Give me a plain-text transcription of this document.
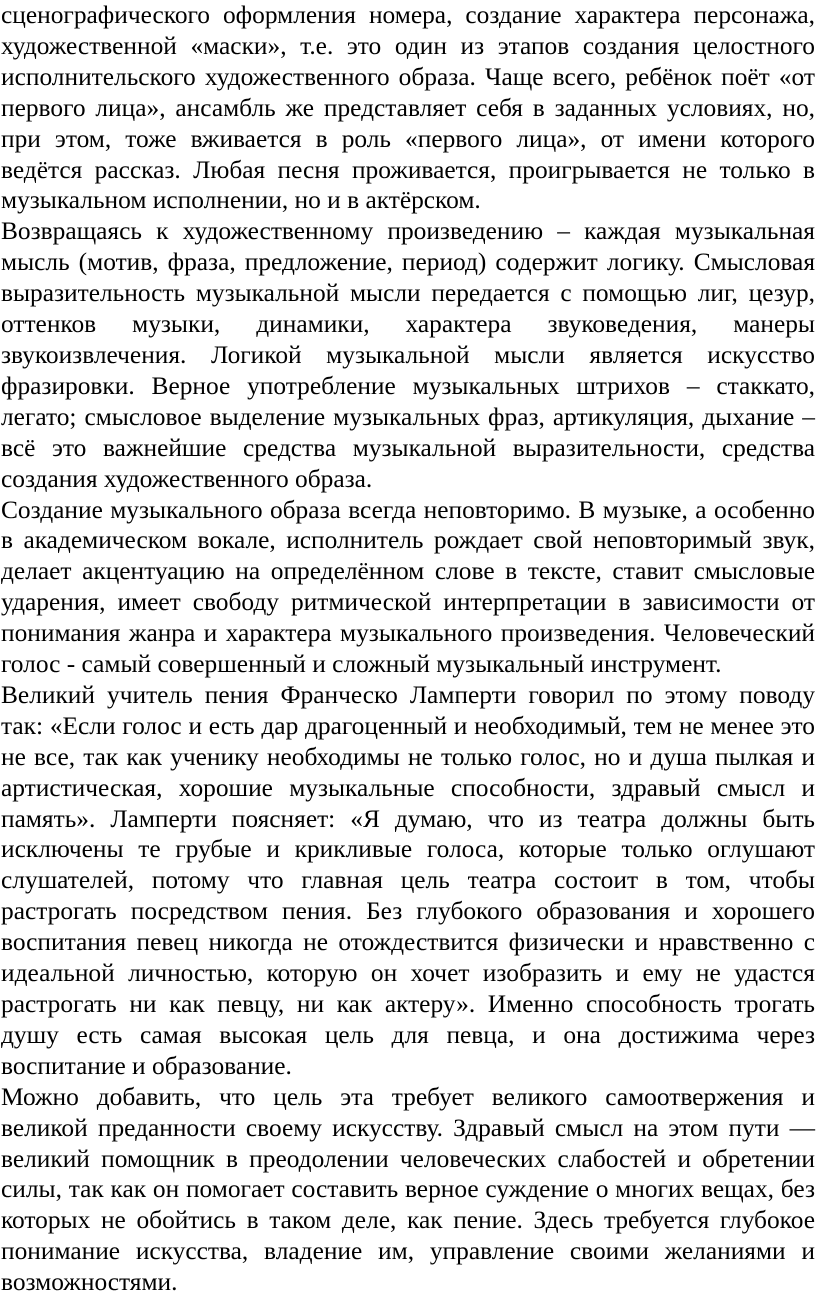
сценографического оформления номера, создание характера персонажа, художественной «маски», т.е. это один из этапов создания целостного исполнительского художественного образа. Чаще всего, ребёнок поёт «от первого лица», ансамбль же представляет себя в заданных условиях, но, при этом, тоже вживается в роль «первого лица», от имени которого ведётся рассказ. Любая песня проживается, проигрывается не только в музыкальном исполнении, но и в актёрском.

Возвращаясь к художественному произведению – каждая музыкальная мысль (мотив, фраза, предложение, период) содержит логику. Смысловая выразительность музыкальной мысли передается с помощью лиг, цезур, оттенков музыки, динамики, характера звуковедения, манеры звукоизвлечения. Логикой музыкальной мысли является искусство фразировки. Верное употребление музыкальных штрихов – стаккато, легато; смысловое выделение музыкальных фраз, артикуляция, дыхание – всё это важнейшие средства музыкальной выразительности, средства создания художественного образа.

Создание музыкального образа всегда неповторимо. В музыке, а особенно в академическом вокале, исполнитель рождает свой неповторимый звук, делает акцентуацию на определённом слове в тексте, ставит смысловые ударения, имеет свободу ритмической интерпретации в зависимости от понимания жанра и характера музыкального произведения. Человеческий голос - самый совершенный и сложный музыкальный инструмент.

Великий учитель пения Франческо Ламперти говорил по этому поводу так: «Если голос и есть дар драгоценный и необходимый, тем не менее это не все, так как ученику необходимы не только голос, но и душа пылкая и артистическая, хорошие музыкальные способности, здравый смысл и память». Ламперти поясняет: «Я думаю, что из театра должны быть исключены те грубые и крикливые голоса, которые только оглушают слушателей, потому что главная цель театра состоит в том, чтобы растрогать посредством пения. Без глубокого образования и хорошего воспитания певец никогда не отождествится физически и нравственно с идеальной личностью, которую он хочет изобразить и ему не удастся растрогать ни как певцу, ни как актеру». Именно способность трогать душу есть самая высокая цель для певца, и она достижима через воспитание и образование.

Можно добавить, что цель эта требует великого самоотвержения и великой преданности своему искусству. Здравый смысл на этом пути — великий помощник в преодолении человеческих слабостей и обретении силы, так как он помогает составить верное суждение о многих вещах, без которых не обойтись в таком деле, как пение. Здесь требуется глубокое понимание искусства, владение им, управление своими желаниями и возможностями.
